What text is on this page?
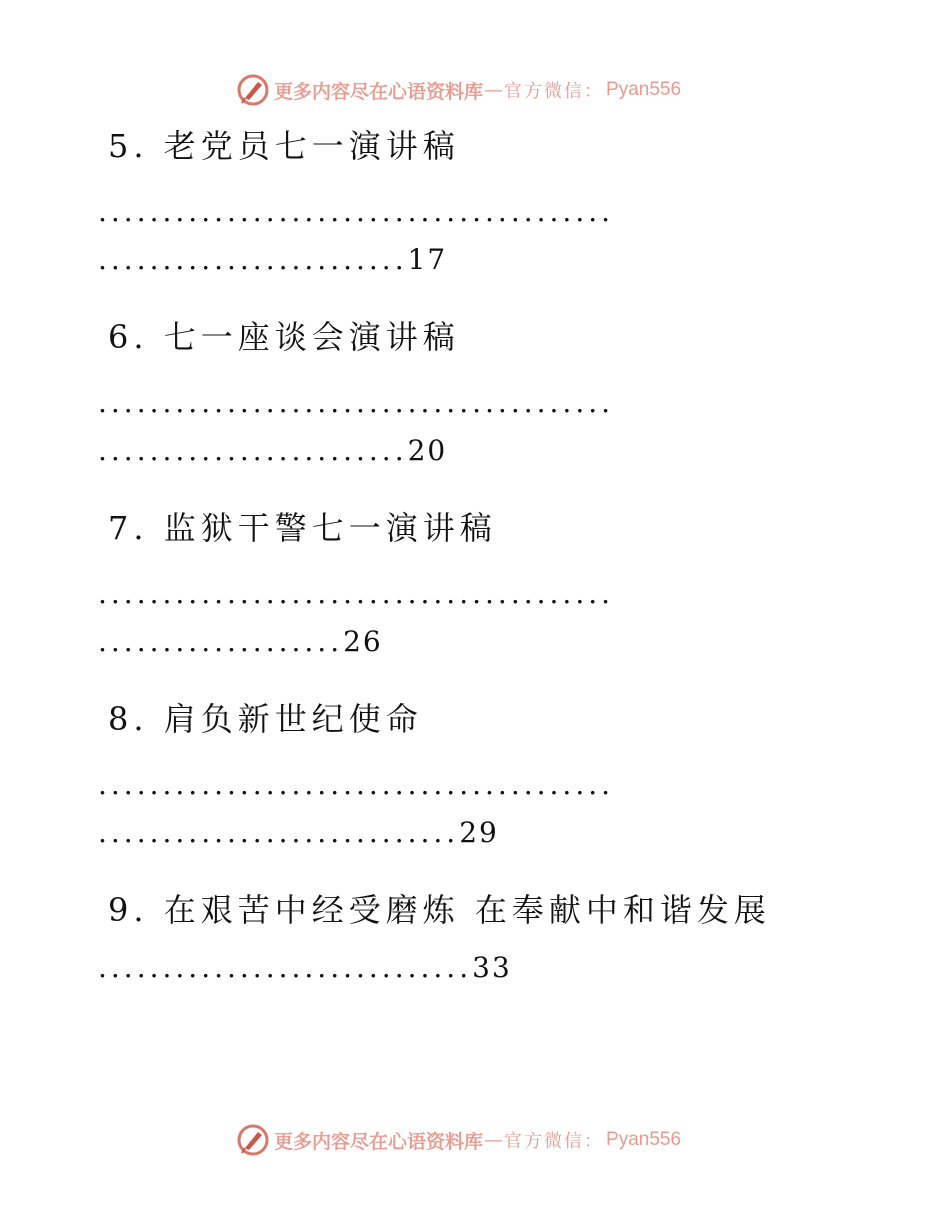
更多内容尽在心语资料库 — 官方微信： Pyan556
5. 老党员七一演讲稿
........................................
........................17
6. 七一座谈会演讲稿
........................................
........................20
7. 监狱干警七一演讲稿
........................................
...................26
8. 肩负新世纪使命
........................................
............................29
9. 在艰苦中经受磨炼 在奉献中和谐发展
.............................33
更多内容尽在心语资料库 — 官方微信： Pyan556
